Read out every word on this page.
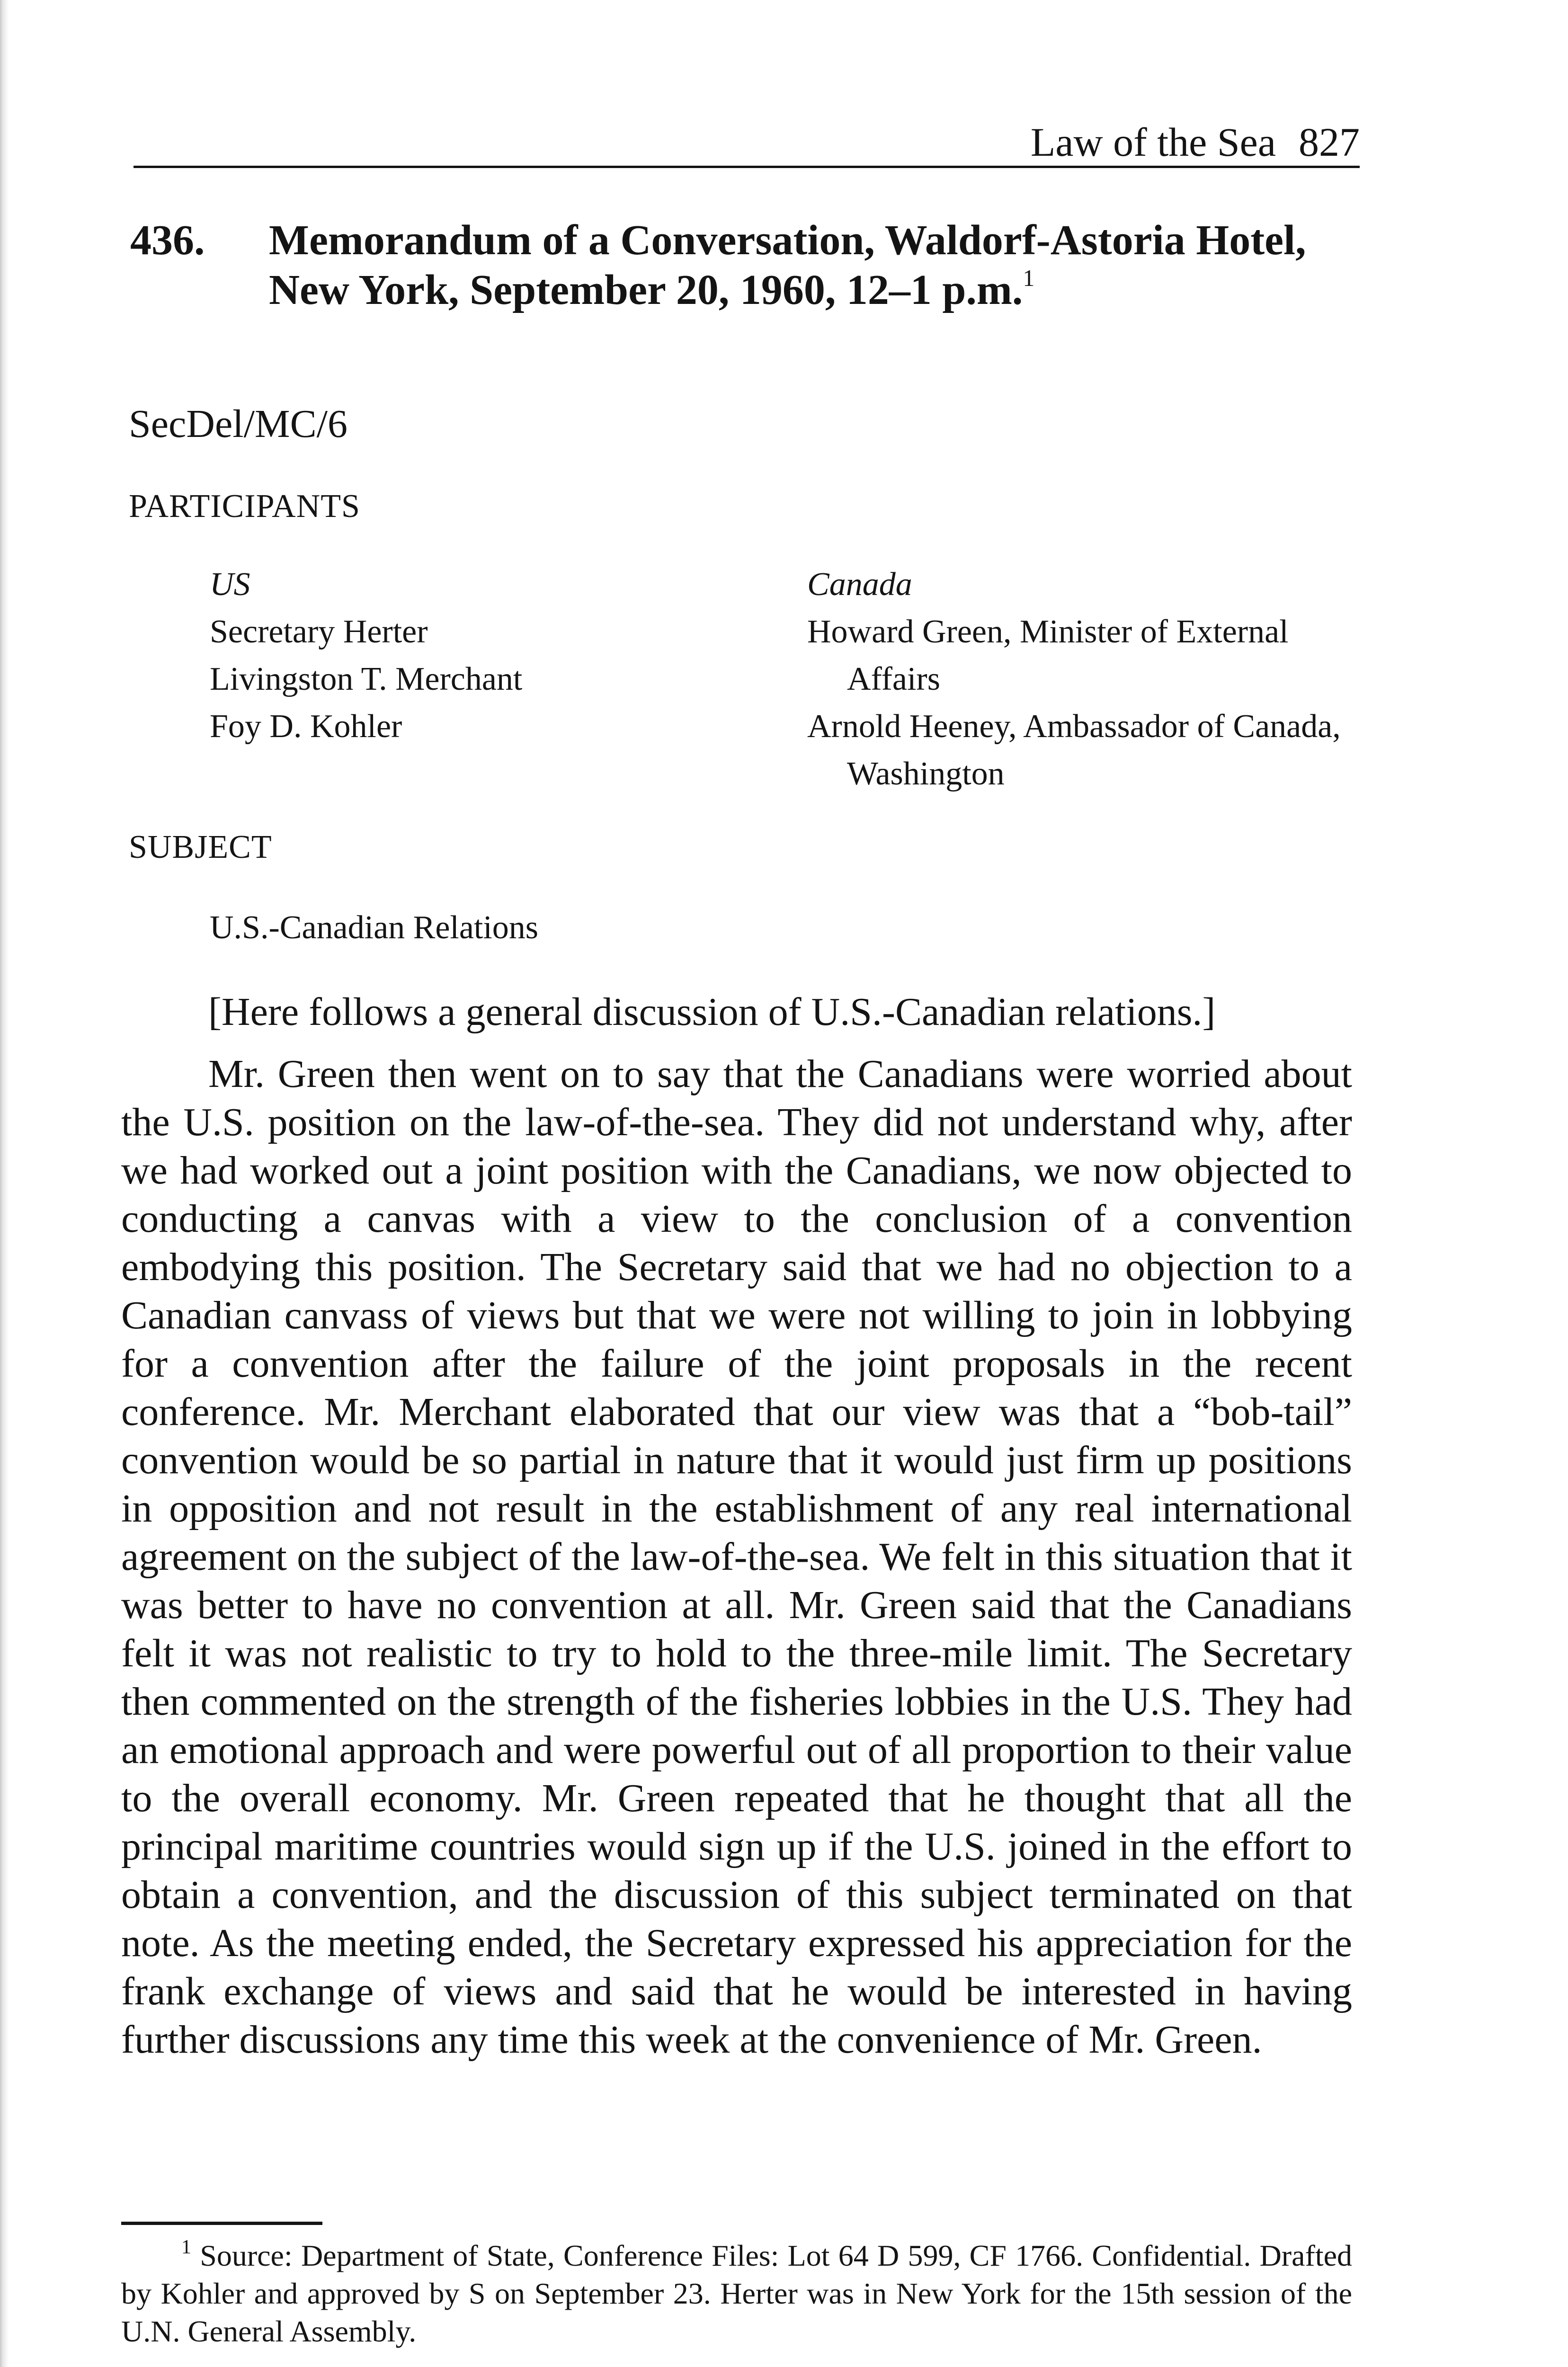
Law of the Sea 827
436. Memorandum of a Conversation, Waldorf-Astoria Hotel, New York, September 20, 1960, 12–1 p.m.$^1$
SecDel/MC/6
PARTICIPANTS
US
Secretary Herter
Livingston T. Merchant
Foy D. Kohler
Canada
Howard Green, Minister of External Affairs
Arnold Heeney, Ambassador of Canada, Washington
SUBJECT
U.S.-Canadian Relations
[Here follows a general discussion of U.S.-Canadian relations.]
Mr. Green then went on to say that the Canadians were worried about the U.S. position on the law-of-the-sea. They did not understand why, after we had worked out a joint position with the Canadians, we now objected to conducting a canvas with a view to the conclusion of a convention embodying this position. The Secretary said that we had no objection to a Canadian canvass of views but that we were not willing to join in lobbying for a convention after the failure of the joint proposals in the recent conference. Mr. Merchant elaborated that our view was that a “bob-tail” convention would be so partial in nature that it would just firm up positions in opposition and not result in the establishment of any real international agreement on the subject of the law-of-the-sea. We felt in this situation that it was better to have no convention at all. Mr. Green said that the Canadians felt it was not realistic to try to hold to the three-mile limit. The Secretary then commented on the strength of the fisheries lobbies in the U.S. They had an emotional approach and were powerful out of all proportion to their value to the overall economy. Mr. Green repeated that he thought that all the principal maritime countries would sign up if the U.S. joined in the effort to obtain a convention, and the discussion of this subject terminated on that note. As the meeting ended, the Secretary expressed his appreciation for the frank exchange of views and said that he would be interested in having further discussions any time this week at the convenience of Mr. Green.
$^1$ Source: Department of State, Conference Files: Lot 64 D 599, CF 1766. Confidential. Drafted by Kohler and approved by S on September 23. Herter was in New York for the 15th session of the U.N. General Assembly.
